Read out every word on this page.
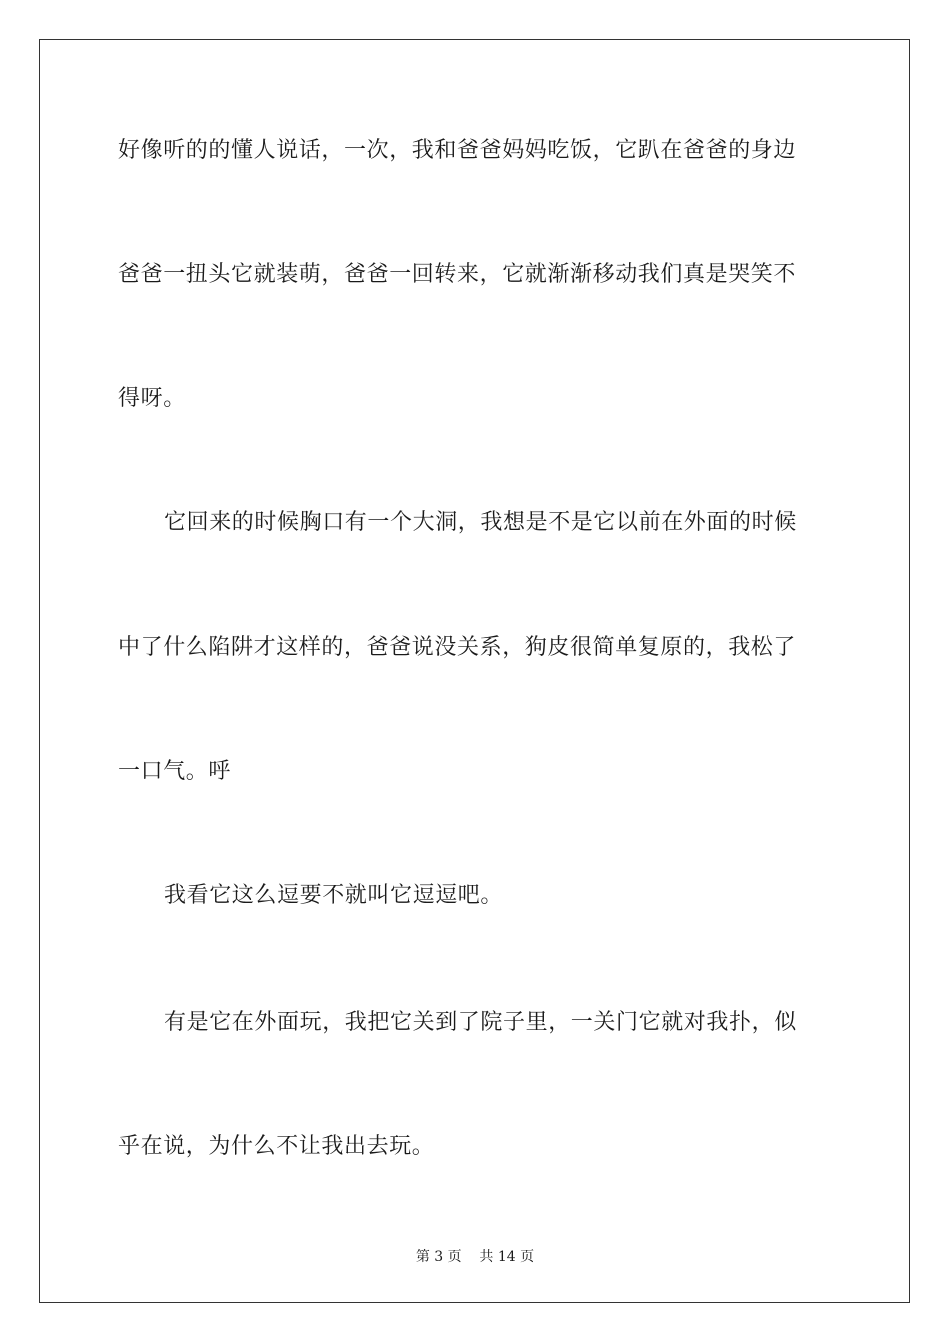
好像听的的懂人说话，一次，我和爸爸妈妈吃饭，它趴在爸爸的身边
爸爸一扭头它就装萌，爸爸一回转来，它就渐渐移动我们真是哭笑不
得呀。
它回来的时候胸口有一个大洞，我想是不是它以前在外面的时候
中了什么陷阱才这样的，爸爸说没关系，狗皮很简单复原的，我松了
一口气。呼
我看它这么逗要不就叫它逗逗吧。
有是它在外面玩，我把它关到了院子里，一关门它就对我扑，似
乎在说，为什么不让我出去玩。
第 3 页    共 14 页
